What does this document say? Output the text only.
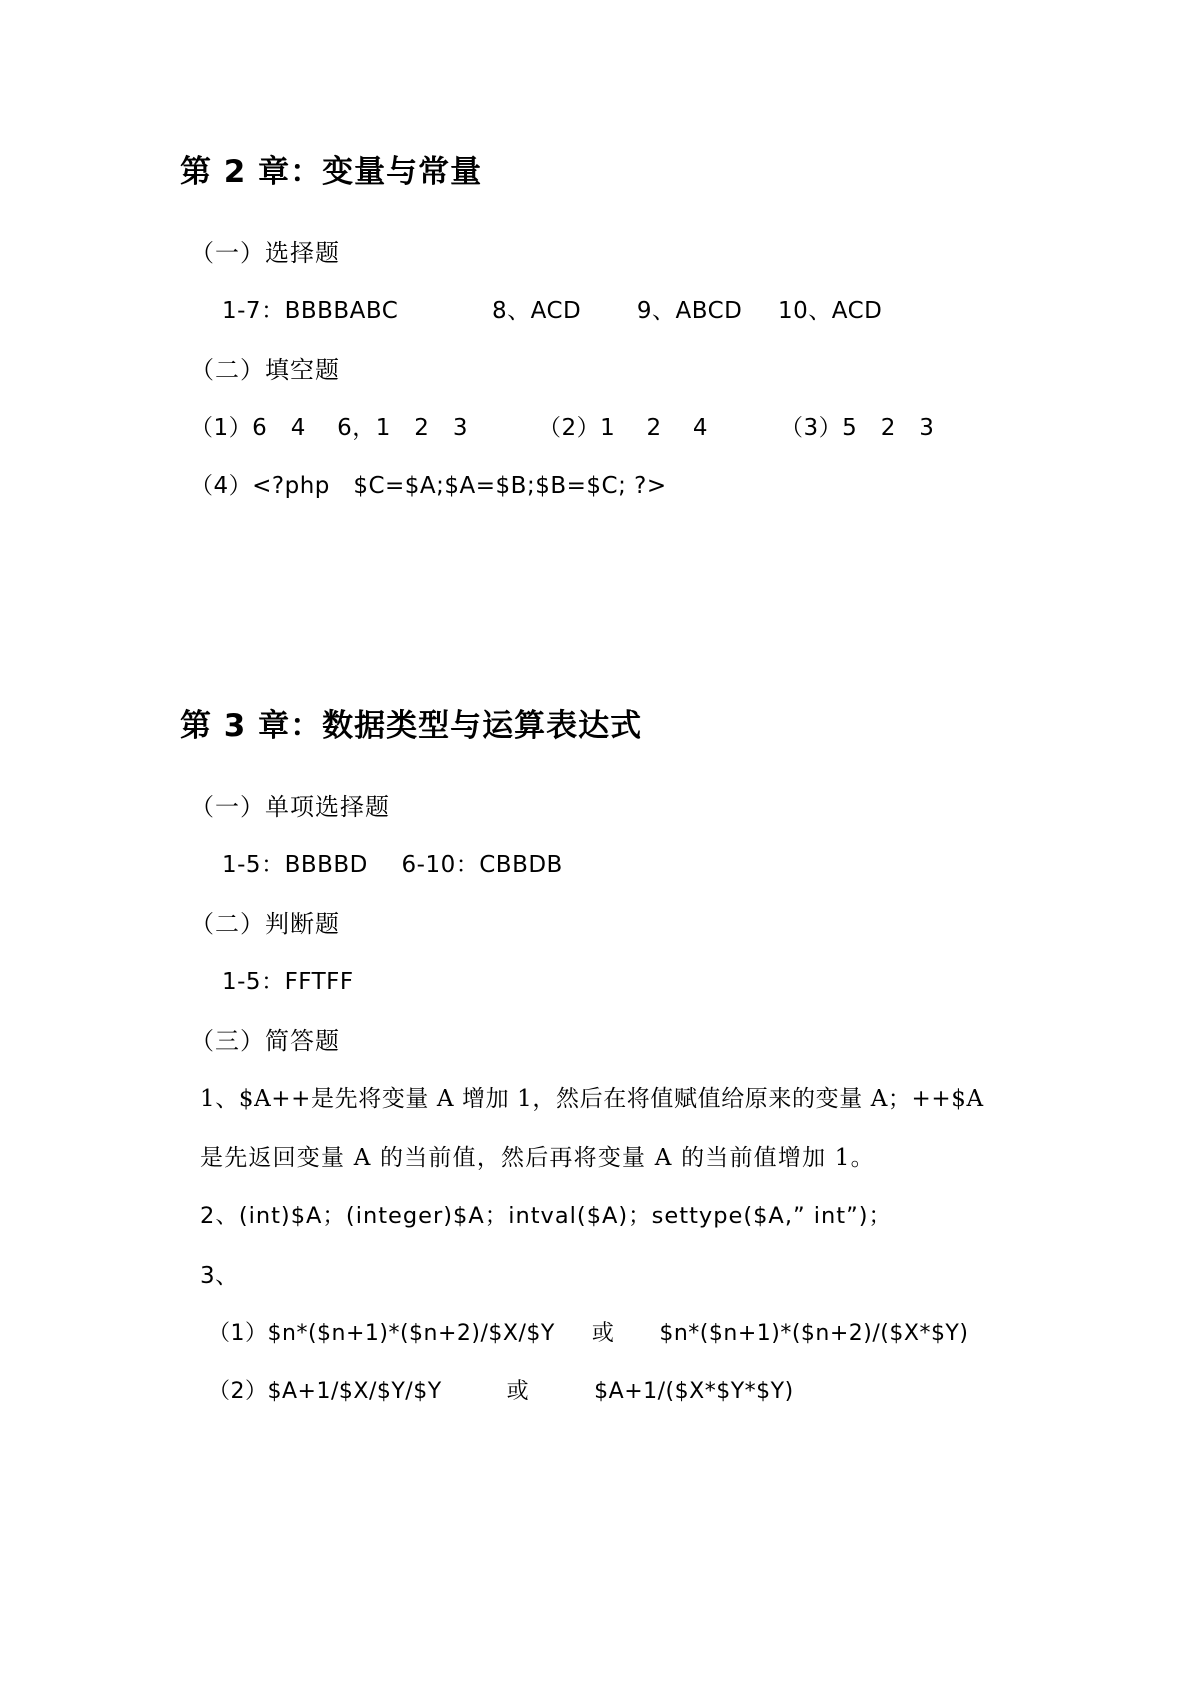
第 2 章：变量与常量
（一）选择题
1-7：BBBBABC	8、ACD 9、ABCD 10、ACD
（二）填空题
（1）6   4    6，1   2   3	（2）1    2    4	（3）5   2   3
（4）<?php   $C=$A;$A=$B;$B=$C; ?>
第 3 章：数据类型与运算表达式
（一）单项选择题
1-5：BBBBD 6-10：CBBDB
（二）判断题
1-5：FFTFF
（三）简答题
1、$A++是先将变量 A 增加 1，然后在将值赋值给原来的变量 A；++$A
是先返回变量 A 的当前值，然后再将变量 A 的当前值增加 1。
2、(int)$A；(integer)$A；intval($A)；settype($A,” int”)；
3、
（1）$n*($n+1)*($n+2)/$X/$Y 或 $n*($n+1)*($n+2)/($X*$Y)
（2）$A+1/$X/$Y/$Y	或	$A+1/($X*$Y*$Y)
